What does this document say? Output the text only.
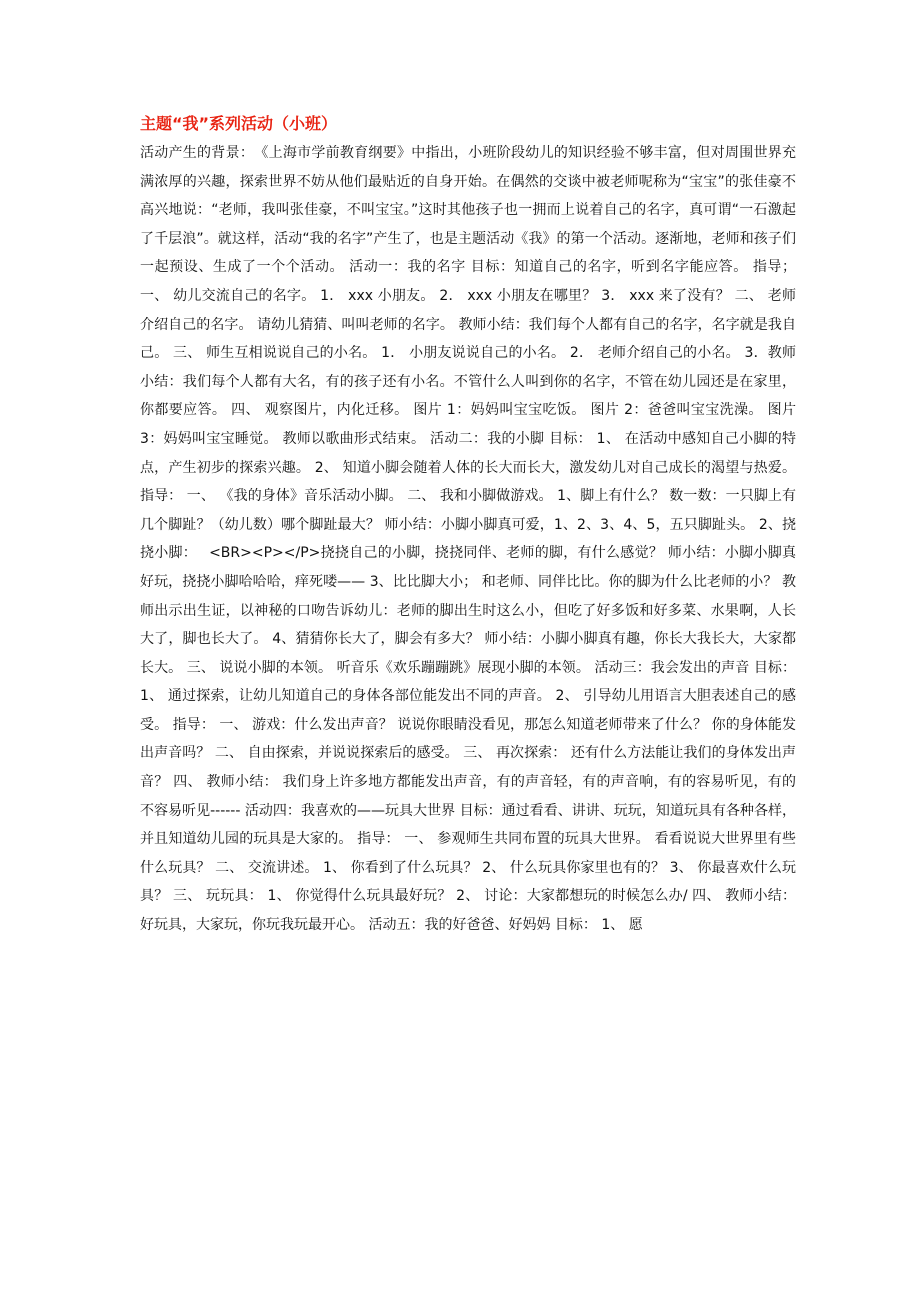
主题“我”系列活动（小班）
活动产生的背景：　《上海市学前教育纲要》中指出，小班阶段幼儿的知识经验不够丰富，但对周围世界充满浓厚的兴趣，探索世界不妨从他们最贴近的自身开始。在偶然的交谈中被老师呢称为“宝宝”的张佳豪不高兴地说：“老师，我叫张佳豪，不叫宝宝。”这时其他孩子也一拥而上说着自己的名字，真可谓“一石激起了千层浪”。就这样，活动“我的名字”产生了，也是主题活动《我》的第一个活动。逐渐地，老师和孩子们一起预设、生成了一个个活动。 活动一：我的名字 目标：知道自己的名字，听到名字能应答。 指导； 一、 幼儿交流自己的名字。 1． xxx 小朋友。 2． xxx 小朋友在哪里？ 3． xxx 来了没有？ 二、 老师介绍自己的名字。 请幼儿猜猜、叫叫老师的名字。 教师小结：我们每个人都有自己的名字，名字就是我自己。 三、 师生互相说说自己的小名。 1． 小朋友说说自己的小名。 2． 老师介绍自己的小名。 3．教师小结：我们每个人都有大名，有的孩子还有小名。不管什么人叫到你的名字，不管在幼儿园还是在家里，你都要应答。 四、 观察图片，内化迁移。 图片 1：妈妈叫宝宝吃饭。 图片 2：爸爸叫宝宝洗澡。 图片 3：妈妈叫宝宝睡觉。 教师以歌曲形式结束。 活动二：我的小脚 目标： 1、 在活动中感知自己小脚的特点，产生初步的探索兴趣。 2、 知道小脚会随着人体的长大而长大，激发幼儿对自己成长的渴望与热爱。 指导： 一、 《我的身体》音乐活动小脚。 二、 我和小脚做游戏。 1、脚上有什么？ 数一数：一只脚上有几个脚趾？（幼儿数）哪个脚趾最大？ 师小结：小脚小脚真可爱，1、2、3、4、5，五只脚趾头。 2、挠挠小脚：　 <BR><P></P>挠挠自己的小脚，挠挠同伴、老师的脚，有什么感觉？ 师小结：小脚小脚真好玩，挠挠小脚哈哈哈，痒死喽—— 3、比比脚大小； 和老师、同伴比比。你的脚为什么比老师的小？ 教师出示出生证，以神秘的口吻告诉幼儿：老师的脚出生时这么小，但吃了好多饭和好多菜、水果啊，人长大了，脚也长大了。 4、猜猜你长大了，脚会有多大？ 师小结：小脚小脚真有趣，你长大我长大，大家都长大。 三、 说说小脚的本领。 听音乐《欢乐蹦蹦跳》展现小脚的本领。 活动三：我会发出的声音 目标： 1、 通过探索，让幼儿知道自己的身体各部位能发出不同的声音。 2、 引导幼儿用语言大胆表述自己的感受。 指导： 一、 游戏：什么发出声音？ 说说你眼睛没看见，那怎么知道老师带来了什么？ 你的身体能发出声音吗？ 二、 自由探索，并说说探索后的感受。 三、 再次探索： 还有什么方法能让我们的身体发出声音？ 四、 教师小结： 我们身上许多地方都能发出声音，有的声音轻，有的声音响，有的容易听见，有的不容易听见------ 活动四：我喜欢的——玩具大世界 目标：通过看看、讲讲、玩玩，知道玩具有各种各样，并且知道幼儿园的玩具是大家的。 指导： 一、 参观师生共同布置的玩具大世界。 看看说说大世界里有些什么玩具？ 二、 交流讲述。 1、 你看到了什么玩具？ 2、 什么玩具你家里也有的？ 3、 你最喜欢什么玩具？ 三、 玩玩具： 1、 你觉得什么玩具最好玩？ 2、 讨论：大家都想玩的时候怎么办/ 四、 教师小结： 好玩具，大家玩，你玩我玩最开心。 活动五：我的好爸爸、好妈妈 目标： 1、 愿
